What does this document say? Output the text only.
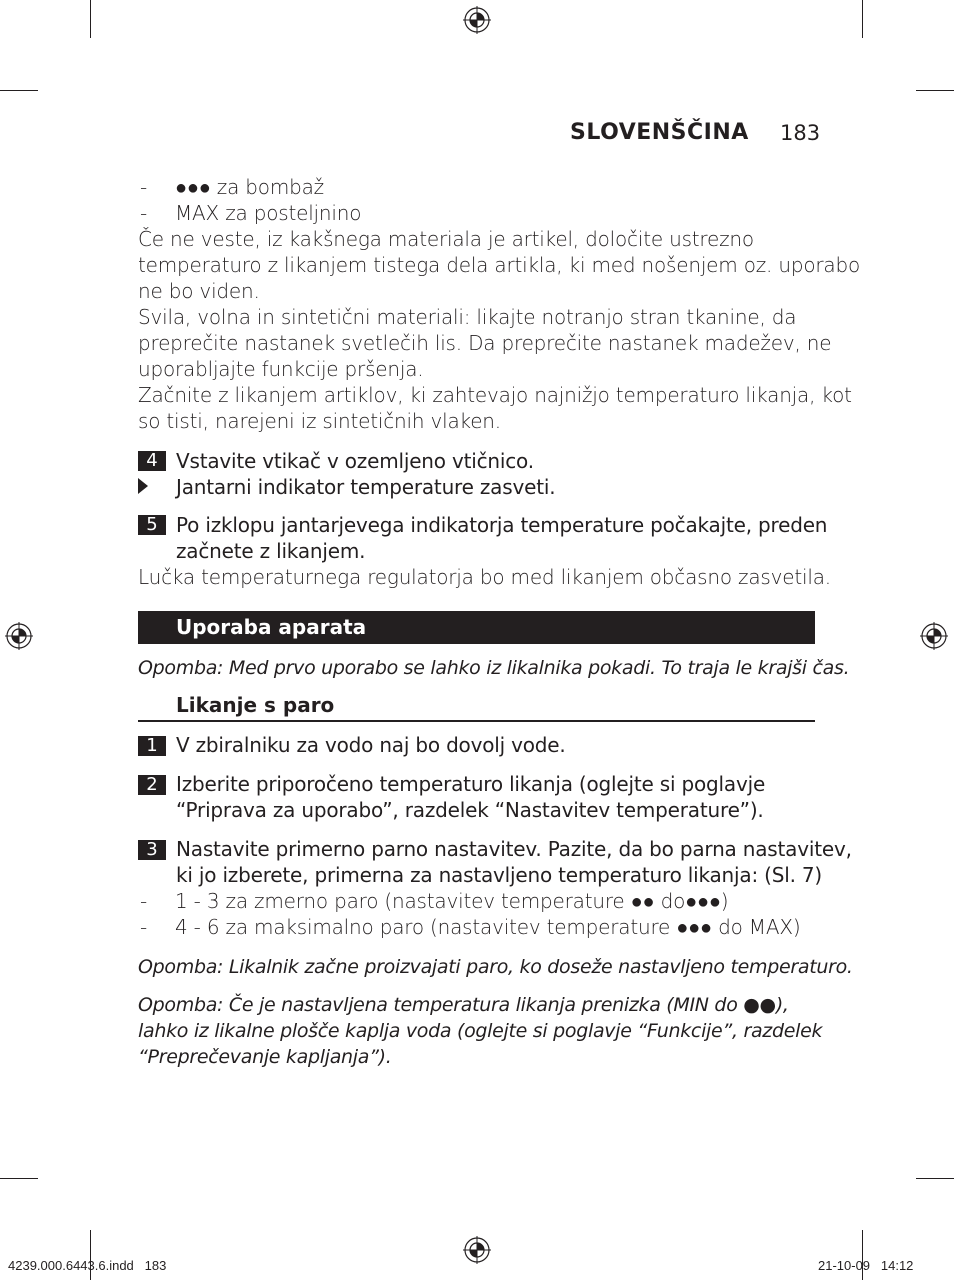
SLOVENŠČINA 183
- ●●● za bombaž
- MAX za posteljnino
Če ne veste, iz kakšnega materiala je artikel, določite ustrezno
temperaturo z likanjem tistega dela artikla, ki med nošenjem oz. uporabo
ne bo viden.
Svila, volna in sintetični materiali: likajte notranjo stran tkanine, da
preprečite nastanek svetlečih lis. Da preprečite nastanek madežev, ne
uporabljajte funkcije pršenja.
Začnite z likanjem artiklov, ki zahtevajo najnižjo temperaturo likanja, kot
so tisti, narejeni iz sintetičnih vlaken.
4 Vstavite vtikač v ozemljeno vtičnico.
Jantarni indikator temperature zasveti.
5 Po izklopu jantarjevega indikatorja temperature počakajte, preden
začnete z likanjem.
Lučka temperaturnega regulatorja bo med likanjem občasno zasvetila.
Uporaba aparata
Opomba: Med prvo uporabo se lahko iz likalnika pokadi. To traja le krajši čas.
Likanje s paro
1 V zbiralniku za vodo naj bo dovolj vode.
2 Izberite priporočeno temperaturo likanja (oglejte si poglavje
“Priprava za uporabo”, razdelek “Nastavitev temperature”).
3 Nastavite primerno parno nastavitev. Pazite, da bo parna nastavitev,
ki jo izberete, primerna za nastavljeno temperaturo likanja: (Sl. 7)
- 1 - 3 za zmerno paro (nastavitev temperature ●● do●●●)
- 4 - 6 za maksimalno paro (nastavitev temperature ●●● do MAX)
Opomba: Likalnik začne proizvajati paro, ko doseže nastavljeno temperaturo.
Opomba: Če je nastavljena temperatura likanja prenizka (MIN do ●●),
lahko iz likalne plošče kaplja voda (oglejte si poglavje “Funkcije”, razdelek
“Preprečevanje kapljanja”).
4239.000.6443.6.indd   183	21-10-09   14:12
